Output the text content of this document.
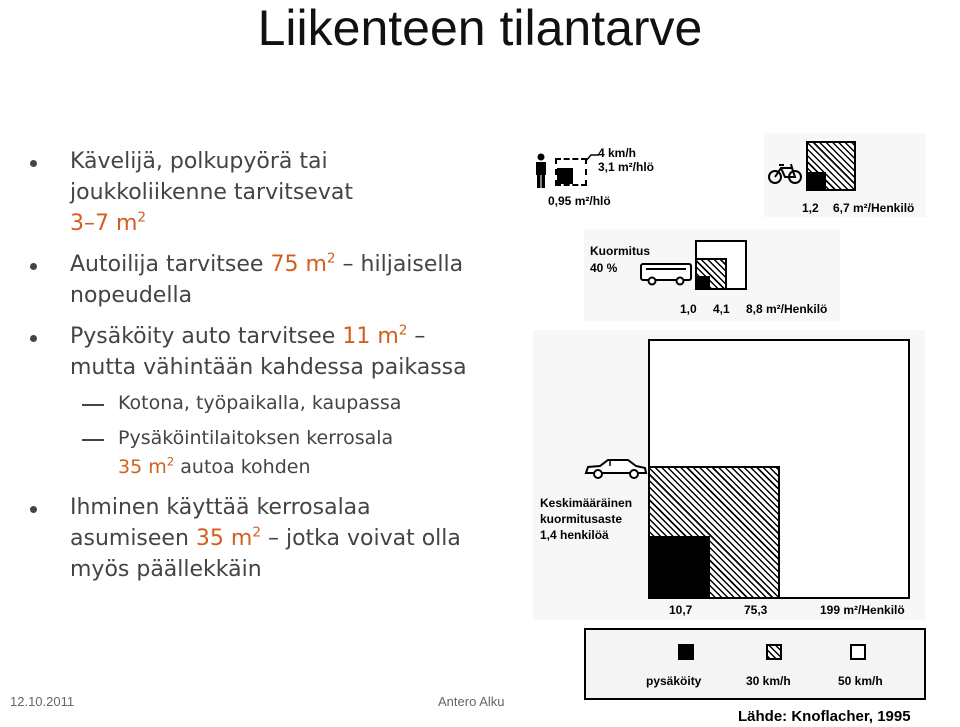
Liikenteen tilantarve
Kävelijä, polkupyörä tai
joukkoliikenne tarvitsevat
3–7 $m^2$
Autoilija tarvitsee 75 $m^2$ – hiljaisella
nopeudella
Pysäköity auto tarvitsee 11 $m^2$ –
mutta vähintään kahdessa paikassa
Kotona, työpaikalla, kaupassa
Pysäköintilaitoksen kerrosala
35 $m^2$ autoa kohden
Ihminen käyttää kerrosalaa
asumiseen 35 $m^2$ – jotka voivat olla
myös päällekkäin
4 km/h
3,1 m²/hlö
0,95 m²/hlö	1,2 6,7 m²/Henkilö
Kuormitus
40 %
1,0 4,1 8,8 m²/Henkilö
Keskimääräinen
kuormitusaste
1,4 henkilöä
10,7	75,3	199 m²/Henkilö
pysäköity	30 km/h	50 km/h
Lähde: Knoflacher, 1995
12.10.2011	Antero Alku
